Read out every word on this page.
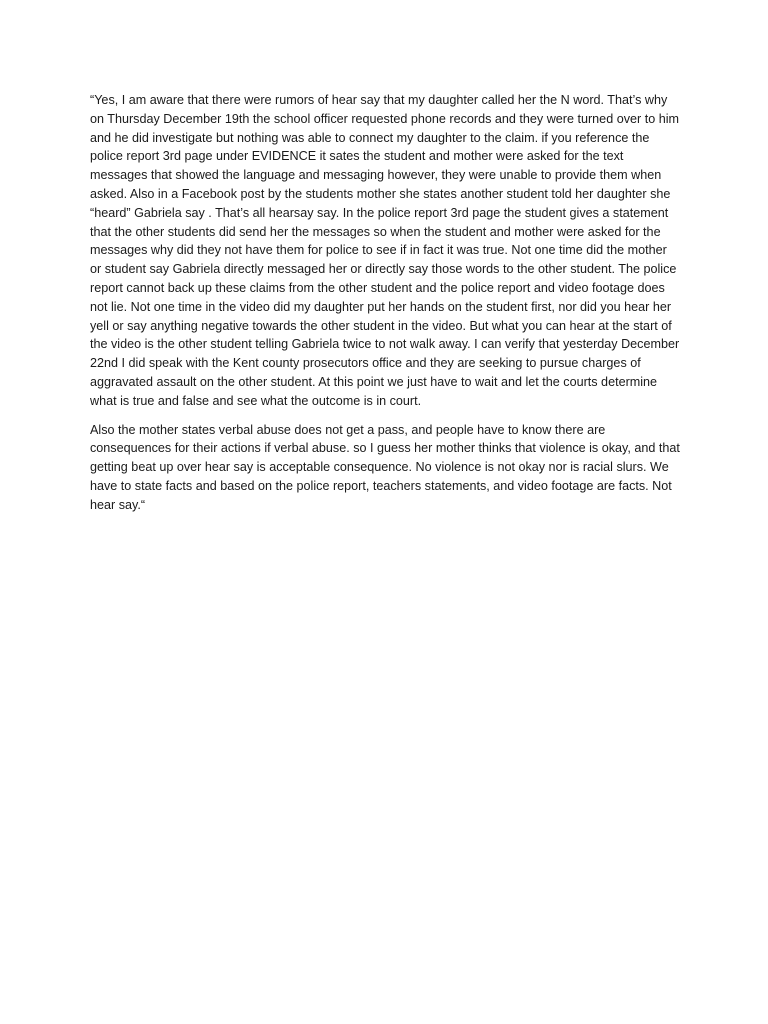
“Yes, I am aware that there were rumors of hear say that my daughter called her the N word. That’s why on Thursday December 19th the school officer requested phone records and they were turned over to him and he did investigate but nothing was able to connect my daughter to the claim. if you reference the police report 3rd page under EVIDENCE it sates the student and mother were asked for the text messages that showed the language and messaging however, they were unable to provide them when asked. Also in a Facebook post by the students mother she states another student told her daughter she “heard” Gabriela say . That’s all hearsay say. In the police report 3rd page the student gives a statement that the other students did send her the messages so when the student and mother were asked for the messages why did they not have them for police to see if in fact it was true. Not one time did the mother or student say Gabriela directly messaged her or directly say those words to the other student. The police report cannot back up these claims from the other student and the police report and video footage does not lie. Not one time in the video did my daughter put her hands on the student first, nor did you hear her yell or say anything negative towards the other student in the video. But what you can hear at the start of the video is the other student telling Gabriela twice to not walk away. I can verify that yesterday December 22nd I did speak with the Kent county prosecutors office and they are seeking to pursue charges of aggravated assault on the other student. At this point we just have to wait and let the courts determine what is true and false and see what the outcome is in court.

Also the mother states verbal abuse does not get a pass, and people have to know there are consequences for their actions if verbal abuse. so I guess her mother thinks that violence is okay, and that getting beat up over hear say is acceptable consequence. No violence is not okay nor is racial slurs. We have to state facts and based on the police report, teachers statements, and video footage are facts. Not hear say.“
